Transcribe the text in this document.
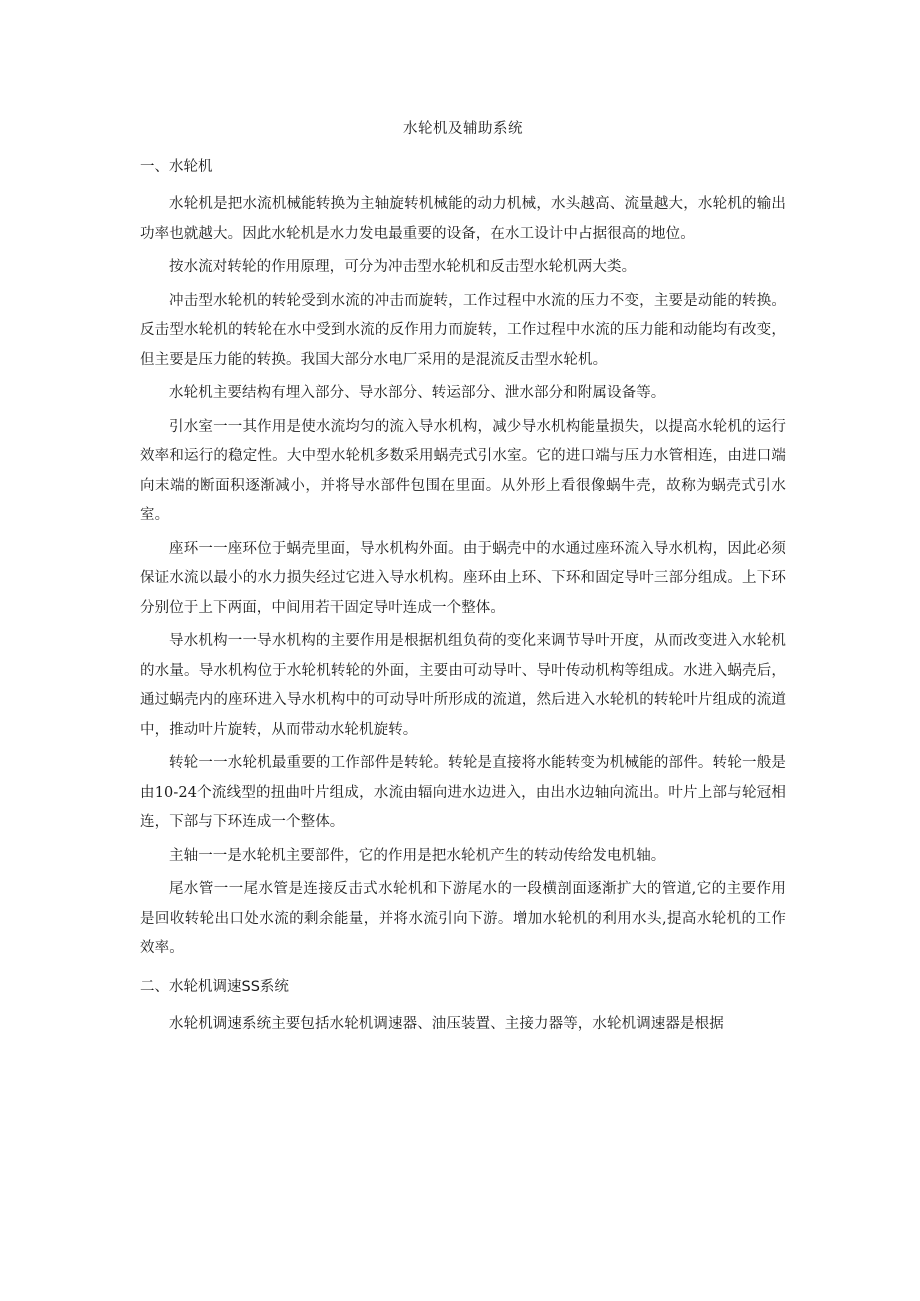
水轮机及辅助系统
一、水轮机

水轮机是把水流机械能转换为主轴旋转机械能的动力机械，水头越高、流量越大，水轮机的输出功率也就越大。因此水轮机是水力发电最重要的设备，在水工设计中占据很高的地位。

按水流对转轮的作用原理，可分为冲击型水轮机和反击型水轮机两大类。

冲击型水轮机的转轮受到水流的冲击而旋转，工作过程中水流的压力不变，主要是动能的转换。反击型水轮机的转轮在水中受到水流的反作用力而旋转，工作过程中水流的压力能和动能均有改变，但主要是压力能的转换。我国大部分水电厂采用的是混流反击型水轮机。

水轮机主要结构有埋入部分、导水部分、转运部分、泄水部分和附属设备等。

引水室一一其作用是使水流均匀的流入导水机构，减少导水机构能量损失，以提高水轮机的运行效率和运行的稳定性。大中型水轮机多数采用蜗壳式引水室。它的进口端与压力水管相连，由进口端向末端的断面积逐渐减小，并将导水部件包围在里面。从外形上看很像蜗牛壳，故称为蜗壳式引水室。

座环一一座环位于蜗壳里面，导水机构外面。由于蜗壳中的水通过座环流入导水机构，因此必须保证水流以最小的水力损失经过它进入导水机构。座环由上环、下环和固定导叶三部分组成。上下环分别位于上下两面，中间用若干固定导叶连成一个整体。

导水机构一一导水机构的主要作用是根据机组负荷的变化来调节导叶开度，从而改变进入水轮机的水量。导水机构位于水轮机转轮的外面，主要由可动导叶、导叶传动机构等组成。水进入蜗壳后，通过蜗壳内的座环进入导水机构中的可动导叶所形成的流道，然后进入水轮机的转轮叶片组成的流道中，推动叶片旋转，从而带动水轮机旋转。

转轮一一水轮机最重要的工作部件是转轮。转轮是直接将水能转变为机械能的部件。转轮一般是由10-24个流线型的扭曲叶片组成，水流由辐向进水边进入，由出水边轴向流出。叶片上部与轮冠相连，下部与下环连成一个整体。

主轴一一是水轮机主要部件，它的作用是把水轮机产生的转动传给发电机轴。

尾水管一一尾水管是连接反击式水轮机和下游尾水的一段横剖面逐渐扩大的管道,它的主要作用是回收转轮出口处水流的剩余能量，并将水流引向下游。增加水轮机的利用水头,提高水轮机的工作效率。

二、水轮机调速SS系统

水轮机调速系统主要包括水轮机调速器、油压装置、主接力器等，水轮机调速器是根据
